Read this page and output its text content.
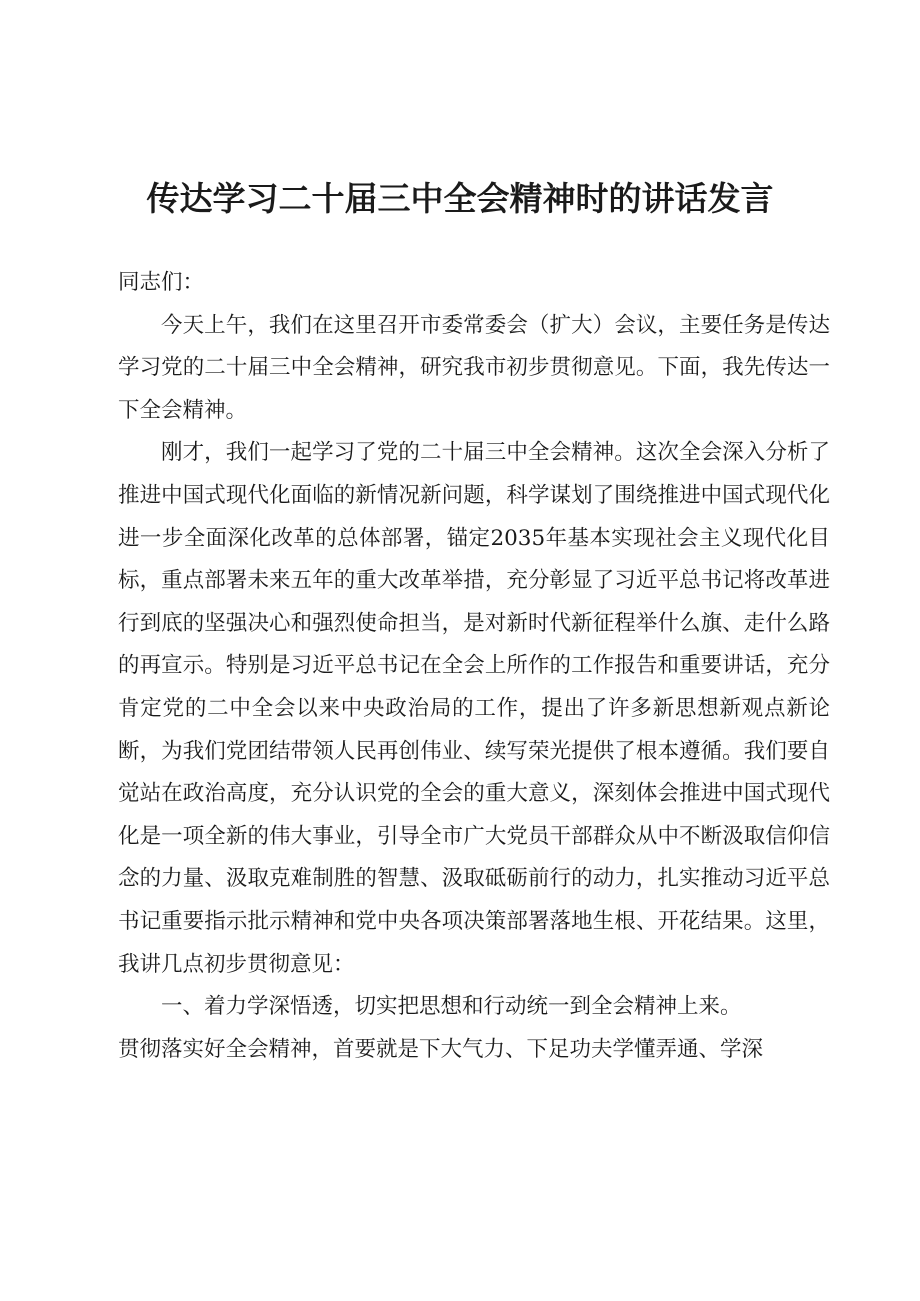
传达学习二十届三中全会精神时的讲话发言

同志们：

今天上午，我们在这里召开市委常委会（扩大）会议，主要任务是传达学习党的二十届三中全会精神，研究我市初步贯彻意见。下面，我先传达一下全会精神。

刚才，我们一起学习了党的二十届三中全会精神。这次全会深入分析了推进中国式现代化面临的新情况新问题，科学谋划了围绕推进中国式现代化进一步全面深化改革的总体部署，锚定2035年基本实现社会主义现代化目标，重点部署未来五年的重大改革举措，充分彰显了习近平总书记将改革进行到底的坚强决心和强烈使命担当，是对新时代新征程举什么旗、走什么路的再宣示。特别是习近平总书记在全会上所作的工作报告和重要讲话，充分肯定党的二中全会以来中央政治局的工作，提出了许多新思想新观点新论断，为我们党团结带领人民再创伟业、续写荣光提供了根本遵循。我们要自觉站在政治高度，充分认识党的全会的重大意义，深刻体会推进中国式现代化是一项全新的伟大事业，引导全市广大党员干部群众从中不断汲取信仰信念的力量、汲取克难制胜的智慧、汲取砥砺前行的动力，扎实推动习近平总书记重要指示批示精神和党中央各项决策部署落地生根、开花结果。这里，我讲几点初步贯彻意见：

一、着力学深悟透，切实把思想和行动统一到全会精神上来。

贯彻落实好全会精神，首要就是下大气力、下足功夫学懂弄通、学深
